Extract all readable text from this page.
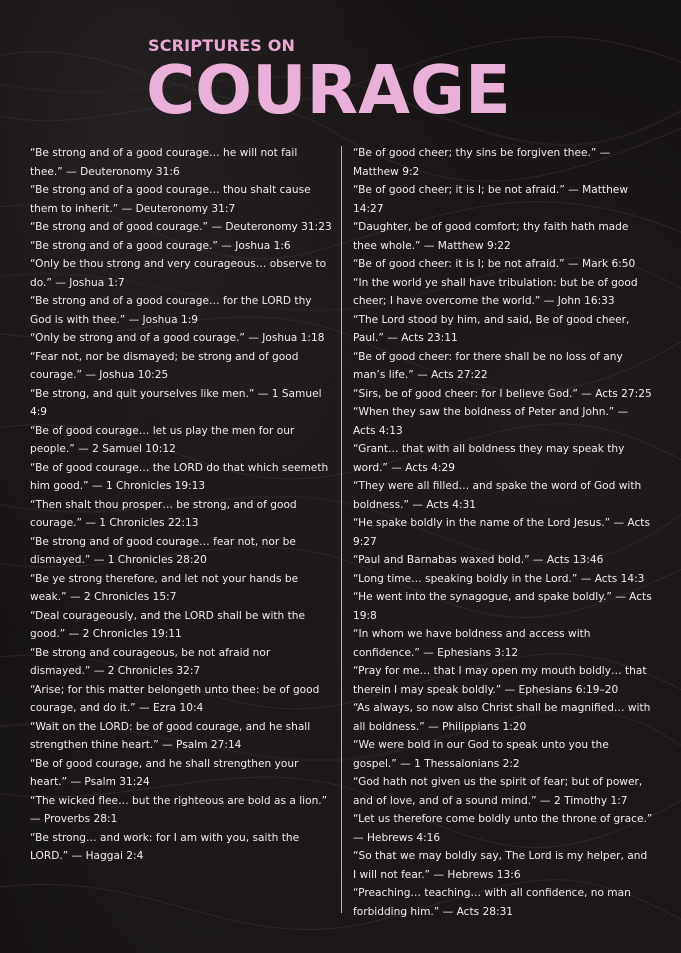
SCRIPTURES ON
COURAGE

“Be strong and of a good courage… he will not fail thee.” — Deuteronomy 31:6

“Be strong and of a good courage… thou shalt cause them to inherit.” — Deuteronomy 31:7

“Be strong and of good courage.” — Deuteronomy 31:23

“Be strong and of a good courage.” — Joshua 1:6

“Only be thou strong and very courageous… observe to do.” — Joshua 1:7

“Be strong and of a good courage… for the LORD thy God is with thee.” — Joshua 1:9

“Only be strong and of a good courage.” — Joshua 1:18

“Fear not, nor be dismayed; be strong and of good courage.” — Joshua 10:25

“Be strong, and quit yourselves like men.” — 1 Samuel 4:9

“Be of good courage… let us play the men for our people.” — 2 Samuel 10:12

“Be of good courage… the LORD do that which seemeth him good.” — 1 Chronicles 19:13

“Then shalt thou prosper… be strong, and of good courage.” — 1 Chronicles 22:13

“Be strong and of good courage… fear not, nor be dismayed.” — 1 Chronicles 28:20

“Be ye strong therefore, and let not your hands be weak.” — 2 Chronicles 15:7

“Deal courageously, and the LORD shall be with the good.” — 2 Chronicles 19:11

“Be strong and courageous, be not afraid nor dismayed.” — 2 Chronicles 32:7

“Arise; for this matter belongeth unto thee: be of good courage, and do it.” — Ezra 10:4

“Wait on the LORD: be of good courage, and he shall strengthen thine heart.” — Psalm 27:14

“Be of good courage, and he shall strengthen your heart.” — Psalm 31:24

“The wicked flee… but the righteous are bold as a lion.” — Proverbs 28:1

“Be strong… and work: for I am with you, saith the LORD.” — Haggai 2:4

“Be of good cheer; thy sins be forgiven thee.” — Matthew 9:2

“Be of good cheer; it is I; be not afraid.” — Matthew 14:27

“Daughter, be of good comfort; thy faith hath made thee whole.” — Matthew 9:22

“Be of good cheer: it is I; be not afraid.” — Mark 6:50

“In the world ye shall have tribulation: but be of good cheer; I have overcome the world.” — John 16:33

“The Lord stood by him, and said, Be of good cheer, Paul.” — Acts 23:11

“Be of good cheer: for there shall be no loss of any man’s life.” — Acts 27:22

“Sirs, be of good cheer: for I believe God.” — Acts 27:25

“When they saw the boldness of Peter and John.” — Acts 4:13

“Grant… that with all boldness they may speak thy word.” — Acts 4:29

“They were all filled… and spake the word of God with boldness.” — Acts 4:31

“He spake boldly in the name of the Lord Jesus.” — Acts 9:27

“Paul and Barnabas waxed bold.” — Acts 13:46

“Long time… speaking boldly in the Lord.” — Acts 14:3

“He went into the synagogue, and spake boldly.” — Acts 19:8

“In whom we have boldness and access with confidence.” — Ephesians 3:12

“Pray for me… that I may open my mouth boldly… that therein I may speak boldly.” — Ephesians 6:19–20

“As always, so now also Christ shall be magnified… with all boldness.” — Philippians 1:20

“We were bold in our God to speak unto you the gospel.” — 1 Thessalonians 2:2

“God hath not given us the spirit of fear; but of power, and of love, and of a sound mind.” — 2 Timothy 1:7

“Let us therefore come boldly unto the throne of grace.” — Hebrews 4:16

“So that we may boldly say, The Lord is my helper, and I will not fear.” — Hebrews 13:6

“Preaching… teaching… with all confidence, no man forbidding him.” — Acts 28:31
